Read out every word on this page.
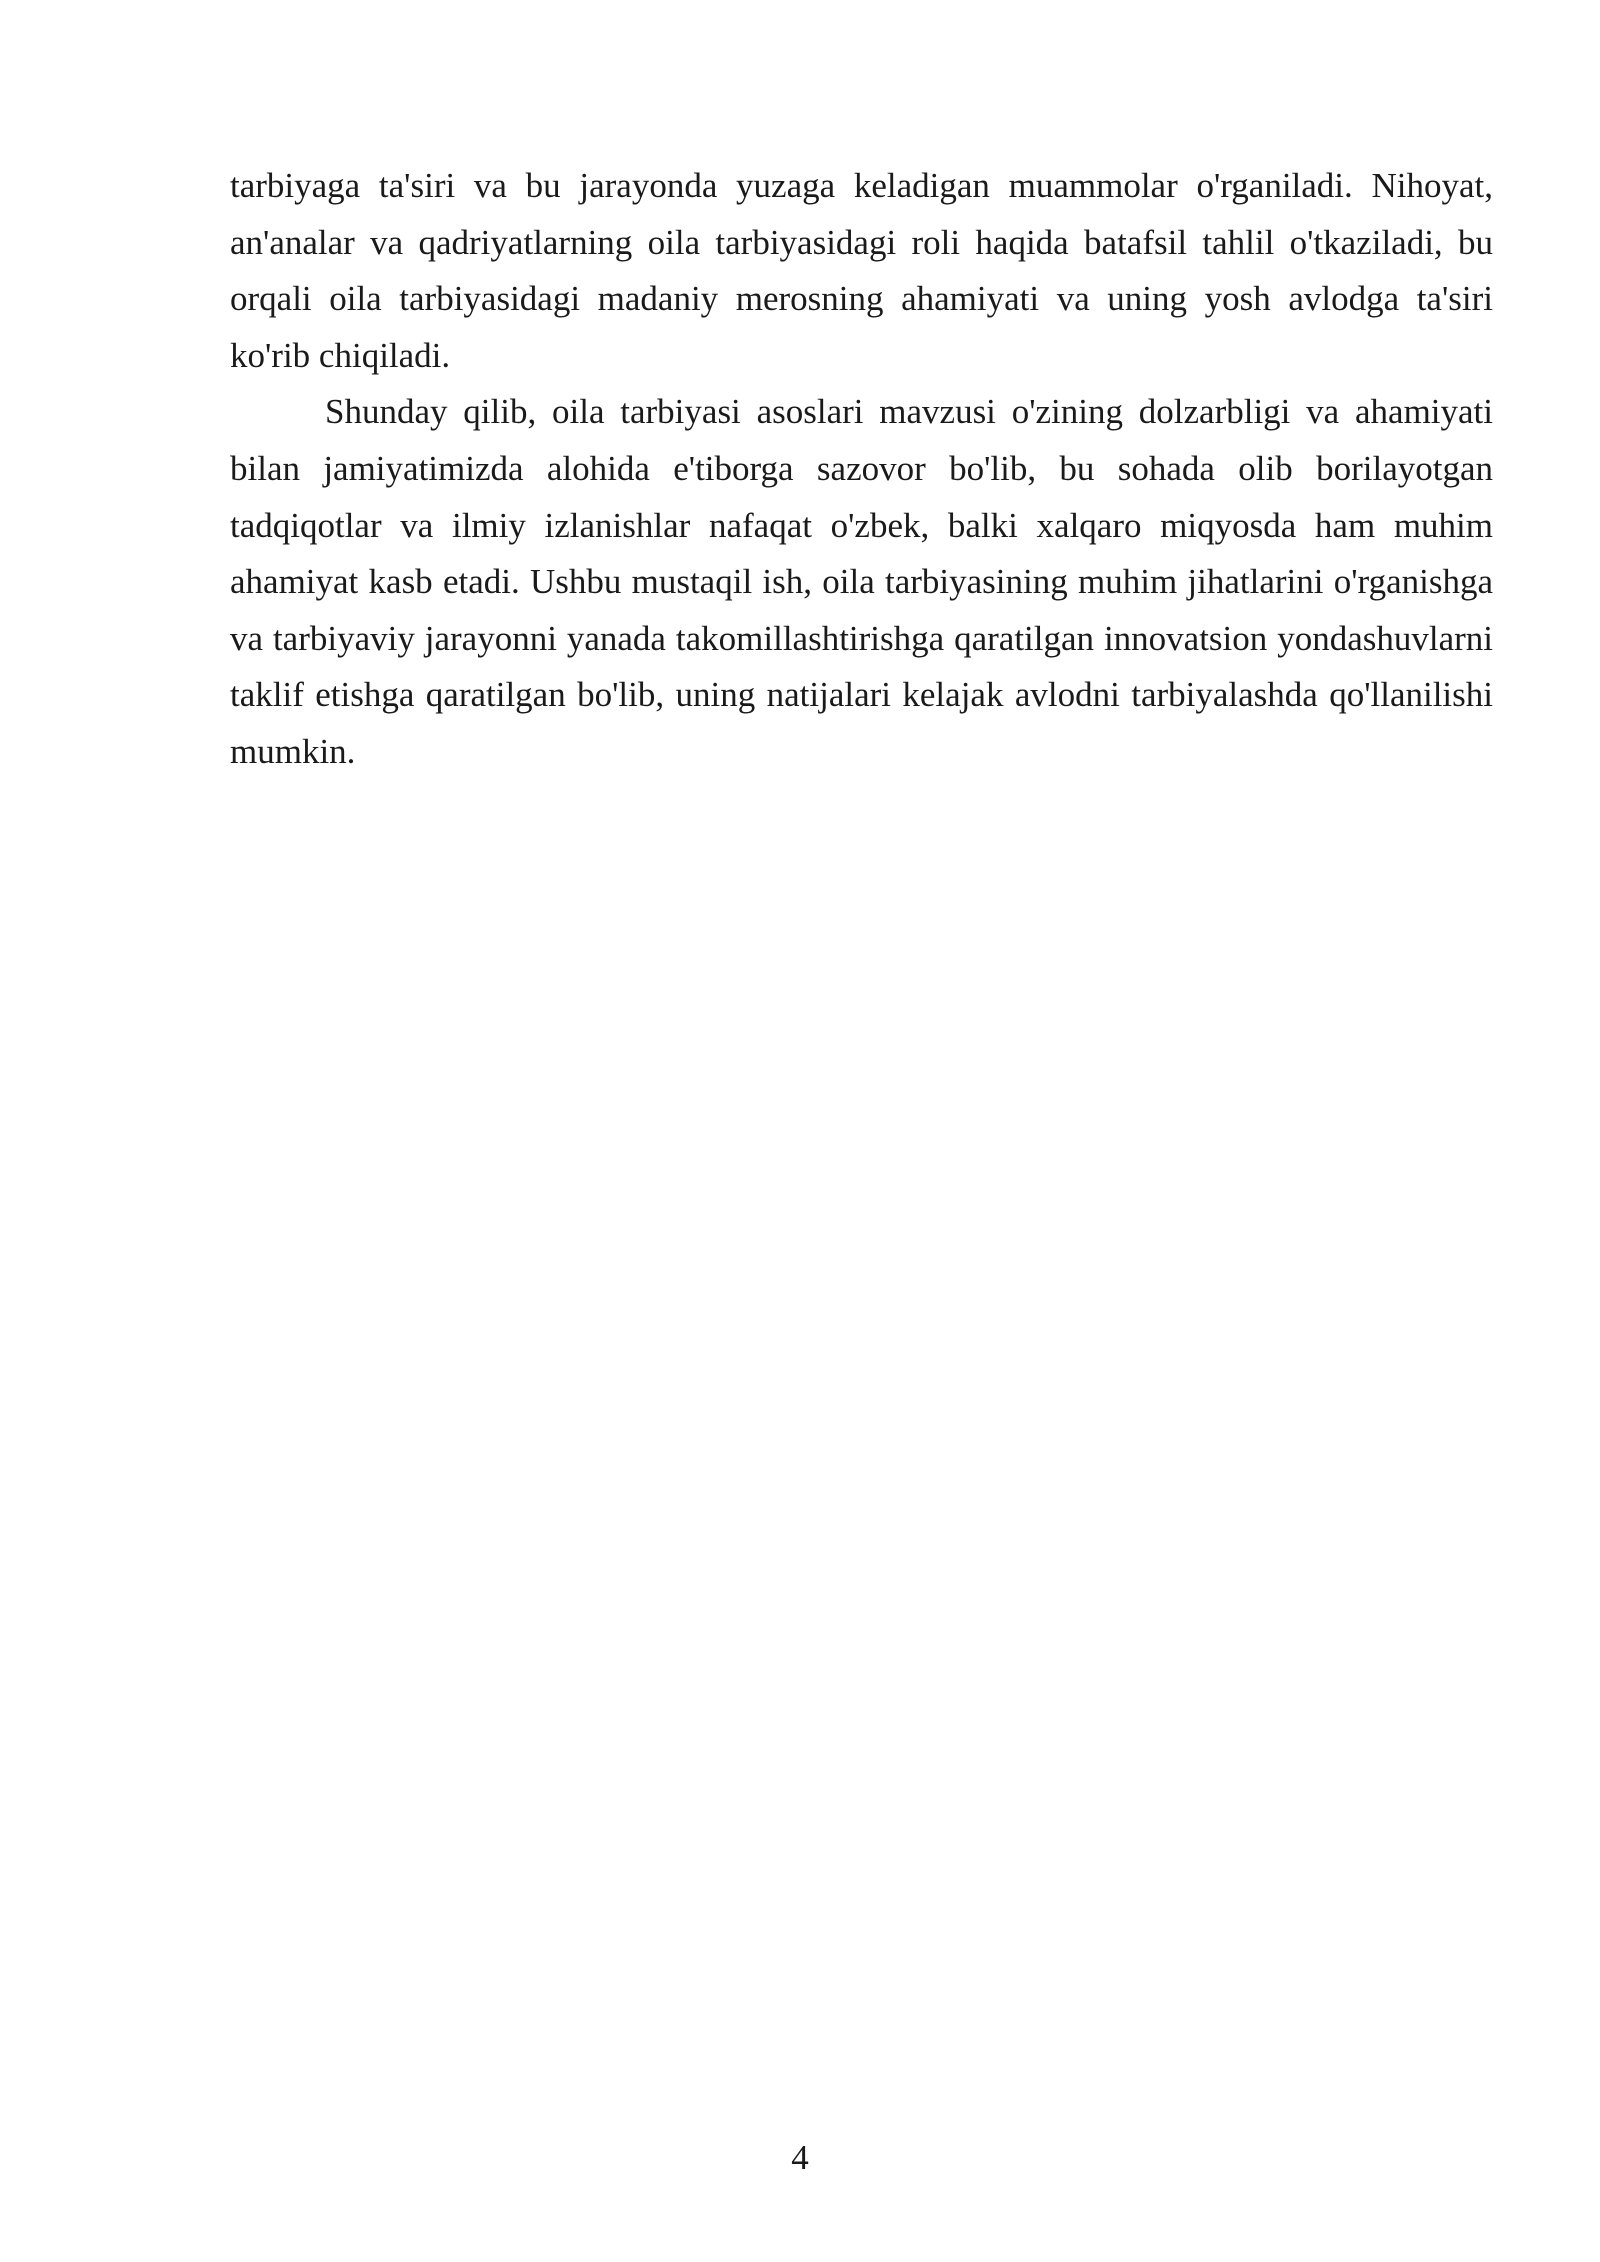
tarbiyaga ta'siri va bu jarayonda yuzaga keladigan muammolar o'rganiladi. Nihoyat, an'analar va qadriyatlarning oila tarbiyasidagi roli haqida batafsil tahlil o'tkaziladi, bu orqali oila tarbiyasidagi madaniy merosning ahamiyati va uning yosh avlodga ta'siri ko'rib chiqiladi.

Shunday qilib, oila tarbiyasi asoslari mavzusi o'zining dolzarbligi va ahamiyati bilan jamiyatimizda alohida e'tiborga sazovor bo'lib, bu sohada olib borilayotgan tadqiqotlar va ilmiy izlanishlar nafaqat o'zbek, balki xalqaro miqyosda ham muhim ahamiyat kasb etadi. Ushbu mustaqil ish, oila tarbiyasining muhim jihatlarini o'rganishga va tarbiyaviy jarayonni yanada takomillashtirishga qaratilgan innovatsion yondashuvlarni taklif etishga qaratilgan bo'lib, uning natijalari kelajak avlodni tarbiyalashda qo'llanilishi mumkin.

4
